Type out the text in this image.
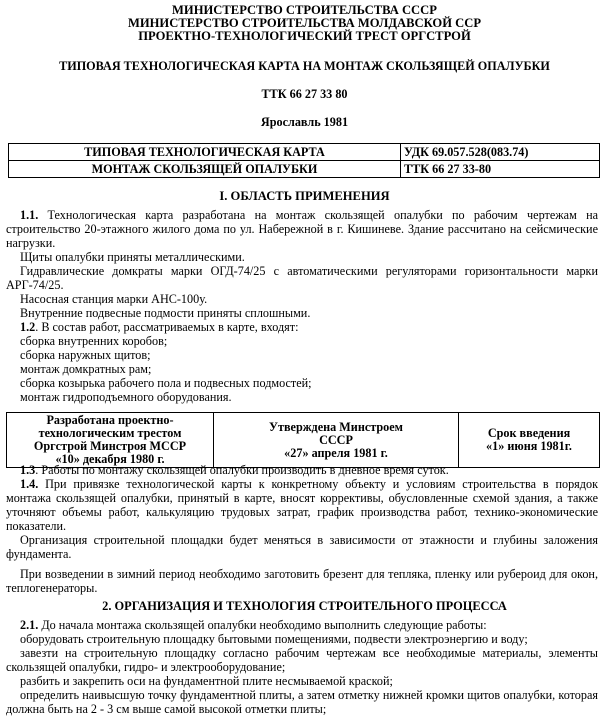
МИНИСТЕРСТВО СТРОИТЕЛЬСТВА СССР
МИНИСТЕРСТВО СТРОИТЕЛЬСТВА МОЛДАВСКОЙ ССР
ПРОЕКТНО-ТЕХНОЛОГИЧЕСКИЙ ТРЕСТ ОРГСТРОЙ
ТИПОВАЯ ТЕХНОЛОГИЧЕСКАЯ КАРТА НА МОНТАЖ СКОЛЬЗЯЩЕЙ ОПАЛУБКИ
ТТК 66 27 33 80
Ярославль 1981
ТИПОВАЯ ТЕХНОЛОГИЧЕСКАЯ КАРТА	УДК 69.057.528(083.74)
МОНТАЖ СКОЛЬЗЯЩЕЙ ОПАЛУБКИ	ТТК 66 27 33-80
I. ОБЛАСТЬ ПРИМЕНЕНИЯ

1.1. Технологическая карта разработана на монтаж скользящей опалубки по рабочим чертежам на строительство 20-этажного жилого дома по ул. Набережной в г. Кишиневе. Здание рассчитано на сейсмические нагрузки.

Щиты опалубки приняты металлическими.

Гидравлические домкраты марки ОГД-74/25 с автоматическими регуляторами горизонтальности марки АРГ-74/25.

Насосная станция марки АНС-100у.

Внутренние подвесные подмости приняты сплошными.

1.2. В состав работ, рассматриваемых в карте, входят:

сборка внутренних коробов;

сборка наружных щитов;

монтаж домкратных рам;

сборка козырька рабочего пола и подвесных подмостей;

монтаж гидроподъемного оборудования.

Разработана проектно-технологическим трестом
Оргстрой Минстроя МССР
«10» декабря 1980 г.

Утверждена Минстроем
СССР
«27» апреля 1981 г.

Срок введения
«1» июня 1981г.

1.3. Работы по монтажу скользящей опалубки производить в дневное время суток.

1.4. При привязке технологической карты к конкретному объекту и условиям строительства в порядок монтажа скользящей опалубки, принятый в карте, вносят коррективы, обусловленные схемой здания, а также уточняют объемы работ, калькуляцию трудовых затрат, график производства работ, технико-экономические показатели.

Организация строительной площадки будет меняться в зависимости от этажности и глубины заложения фундамента.

При возведении в зимний период необходимо заготовить брезент для тепляка, пленку или рубероид для окон, теплогенераторы.

2. ОРГАНИЗАЦИЯ И ТЕХНОЛОГИЯ СТРОИТЕЛЬНОГО ПРОЦЕССА

2.1. До начала монтажа скользящей опалубки необходимо выполнить следующие работы:

оборудовать строительную площадку бытовыми помещениями, подвести электроэнергию и воду;

завезти на строительную площадку согласно рабочим чертежам все необходимые материалы, элементы скользящей опалубки, гидро- и электрооборудование;

разбить и закрепить оси на фундаментной плите несмываемой краской;

определить наивысшую точку фундаментной плиты, а затем отметку нижней кромки щитов опалубки, которая должна быть на 2 - 3 см выше самой высокой отметки плиты;
